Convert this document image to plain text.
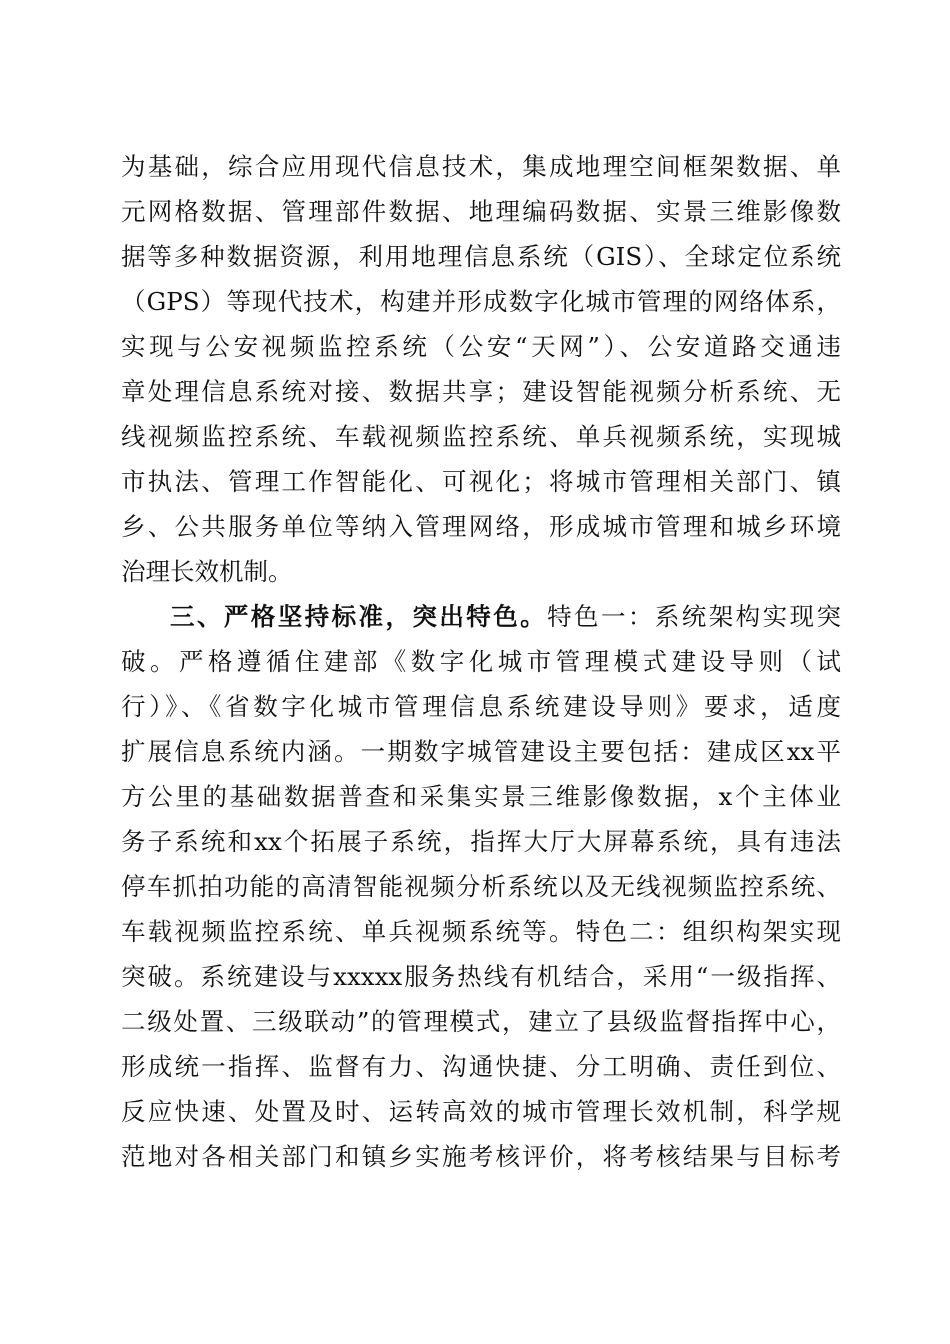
为基础，综合应用现代信息技术，集成地理空间框架数据、单
元网格数据、管理部件数据、地理编码数据、实景三维影像数
据等多种数据资源，利用地理信息系统（GIS）、全球定位系统
（GPS）等现代技术，构建并形成数字化城市管理的网络体系，
实现与公安视频监控系统（公安“天网”）、公安道路交通违
章处理信息系统对接、数据共享；建设智能视频分析系统、无
线视频监控系统、车载视频监控系统、单兵视频系统，实现城
市执法、管理工作智能化、可视化；将城市管理相关部门、镇
乡、公共服务单位等纳入管理网络，形成城市管理和城乡环境
治理长效机制。
三、严格坚持标准，突出特色。特色一：系统架构实现突
破。严格遵循住建部《数字化城市管理模式建设导则（试
行）》、《省数字化城市管理信息系统建设导则》要求，适度
扩展信息系统内涵。一期数字城管建设主要包括：建成区xx平
方公里的基础数据普查和采集实景三维影像数据，x个主体业
务子系统和xx个拓展子系统，指挥大厅大屏幕系统，具有违法
停车抓拍功能的高清智能视频分析系统以及无线视频监控系统、
车载视频监控系统、单兵视频系统等。特色二：组织构架实现
突破。系统建设与xxxxx服务热线有机结合，采用“一级指挥、
二级处置、三级联动”的管理模式，建立了县级监督指挥中心，
形成统一指挥、监督有力、沟通快捷、分工明确、责任到位、
反应快速、处置及时、运转高效的城市管理长效机制，科学规
范地对各相关部门和镇乡实施考核评价，将考核结果与目标考
